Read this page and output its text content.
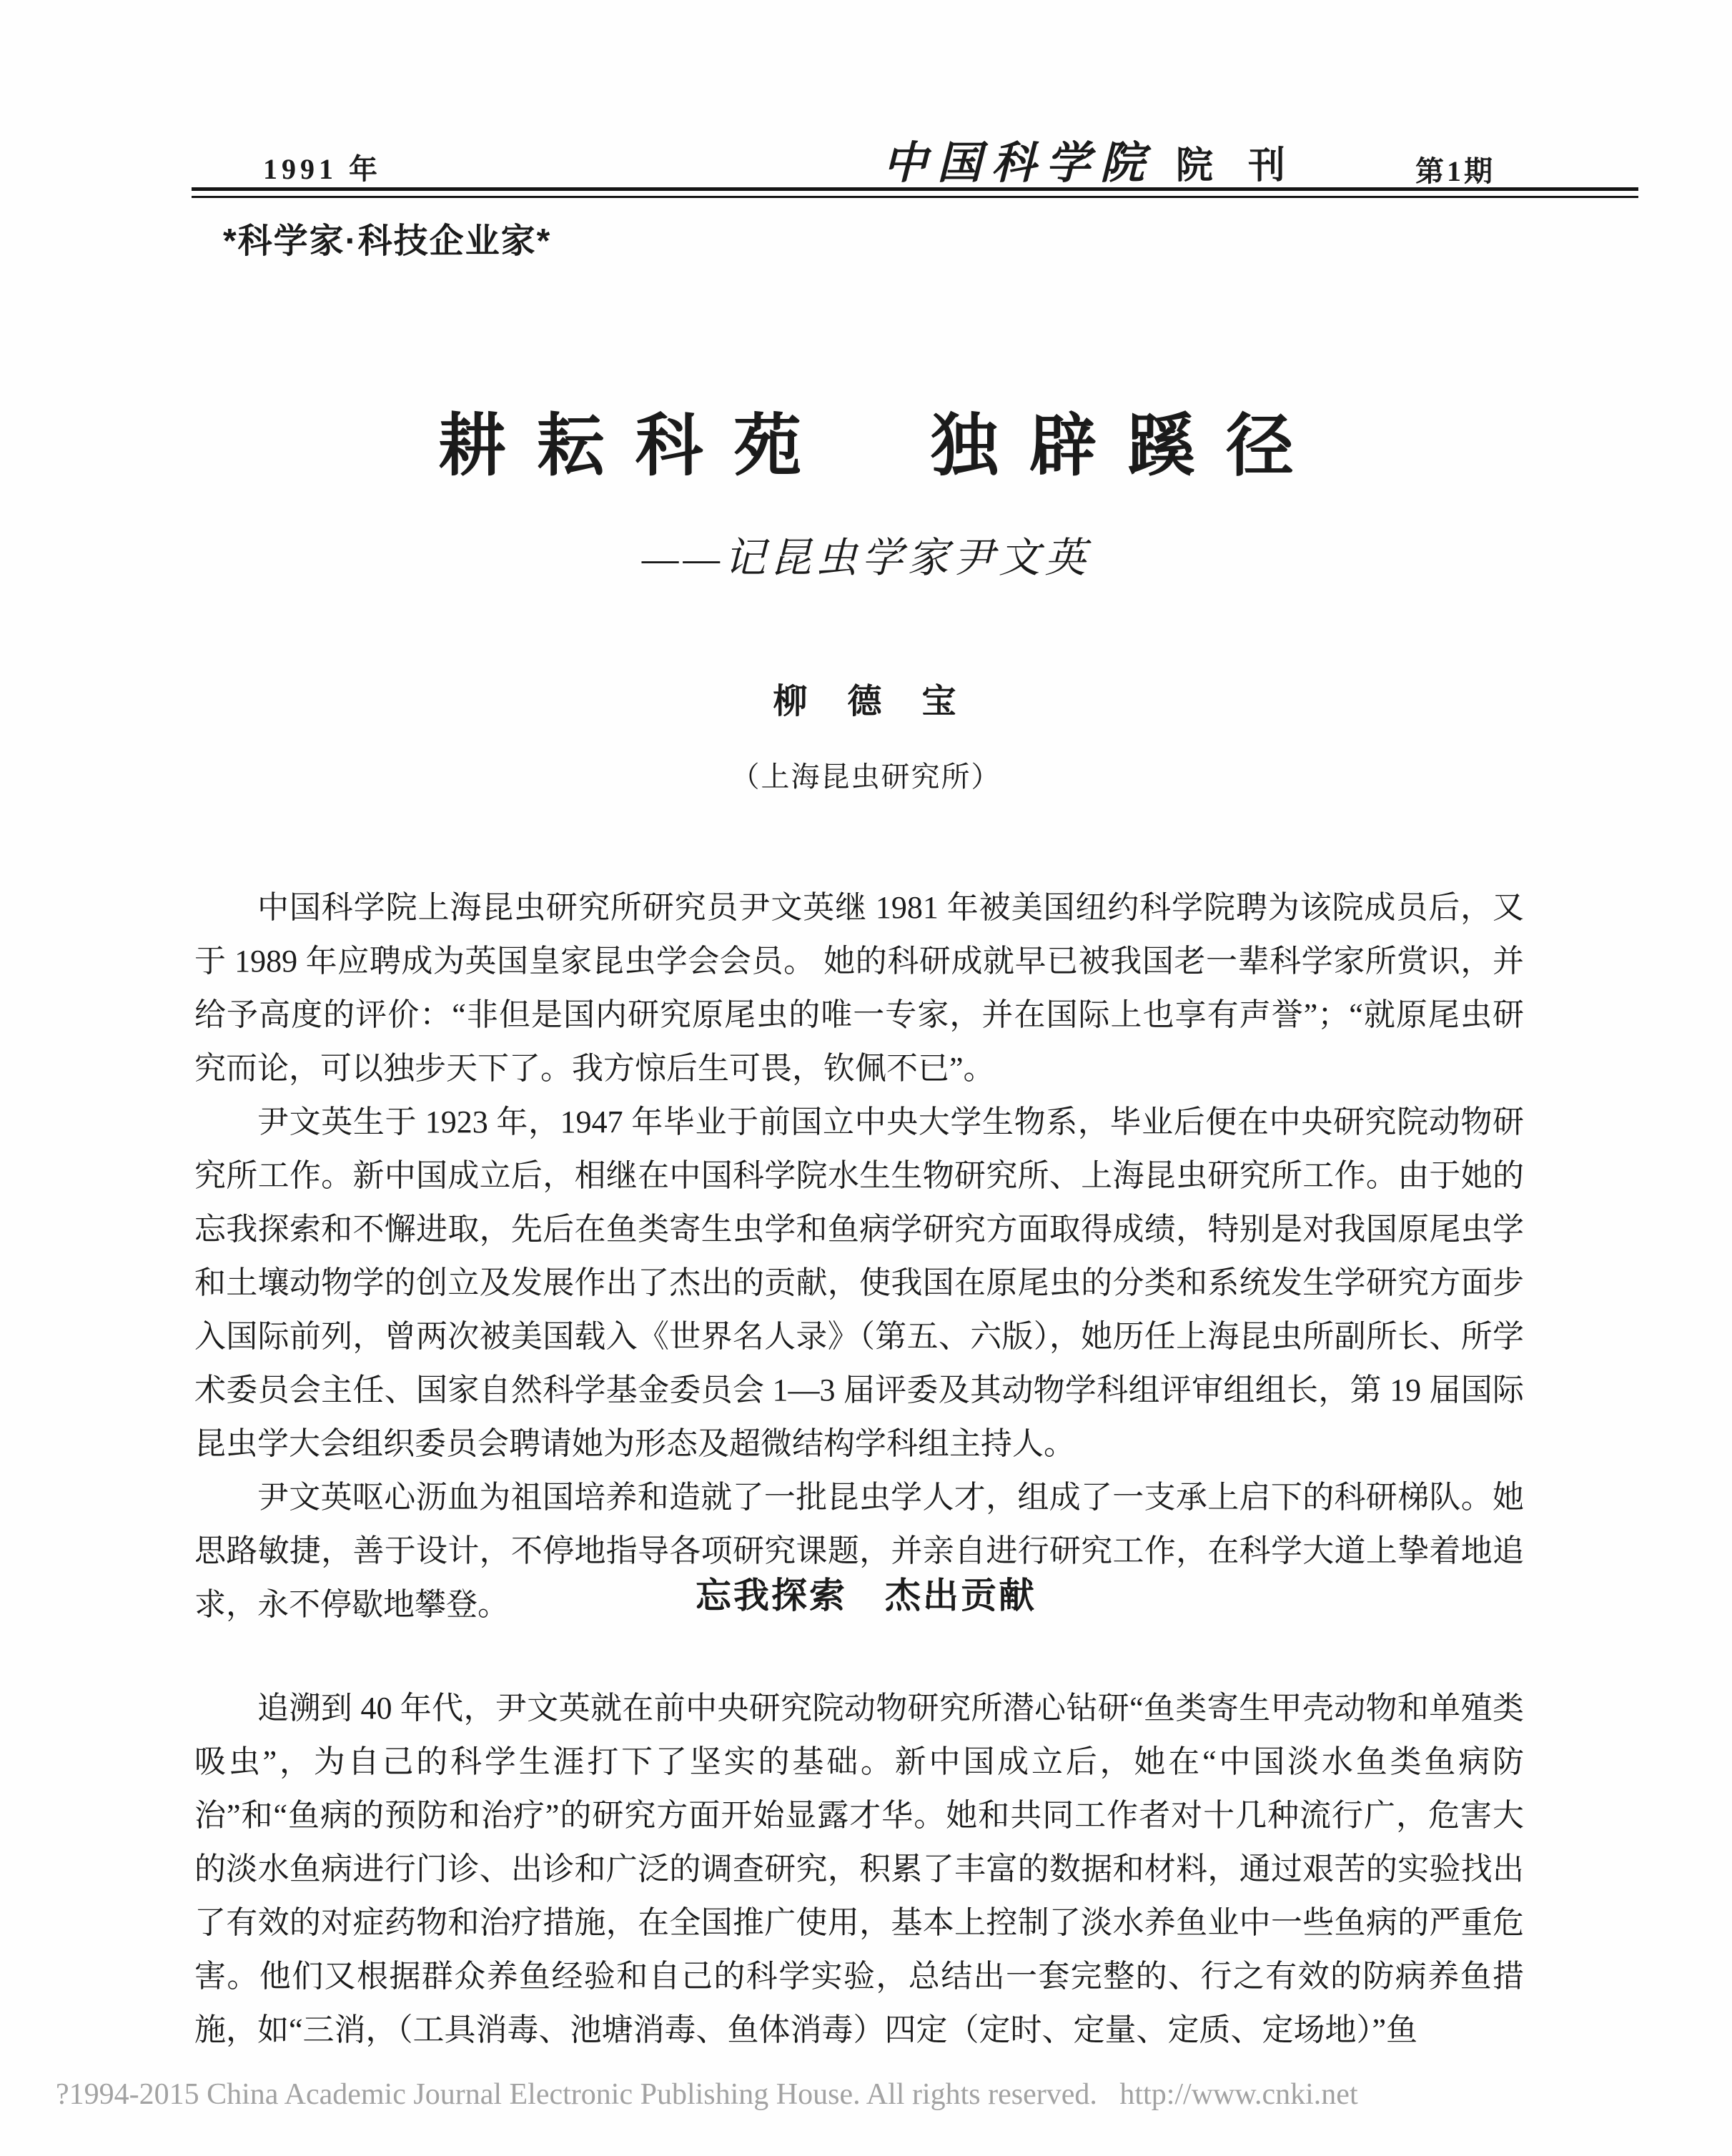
1991 年	中国科学院 院 刊	第1期
*科学家·科技企业家*
耕耘科苑　独辟蹊径
——记昆虫学家尹文英
柳　德　宝
（上海昆虫研究所）

中国科学院上海昆虫研究所研究员尹文英继 1981 年被美国纽约科学院聘为该院成员后，又于 1989 年应聘成为英国皇家昆虫学会会员。 她的科研成就早已被我国老一辈科学家所赏识，并给予高度的评价：“非但是国内研究原尾虫的唯一专家，并在国际上也享有声誉”；“就原尾虫研究而论，可以独步天下了。我方惊后生可畏，钦佩不已”。

尹文英生于 1923 年，1947 年毕业于前国立中央大学生物系，毕业后便在中央研究院动物研究所工作。新中国成立后，相继在中国科学院水生生物研究所、上海昆虫研究所工作。由于她的忘我探索和不懈进取，先后在鱼类寄生虫学和鱼病学研究方面取得成绩，特别是对我国原尾虫学和土壤动物学的创立及发展作出了杰出的贡献，使我国在原尾虫的分类和系统发生学研究方面步入国际前列，曾两次被美国载入《世界名人录》（第五、六版），她历任上海昆虫所副所长、所学术委员会主任、国家自然科学基金委员会 1—3 届评委及其动物学科组评审组组长，第 19 届国际昆虫学大会组织委员会聘请她为形态及超微结构学科组主持人。

尹文英呕心沥血为祖国培养和造就了一批昆虫学人才，组成了一支承上启下的科研梯队。她思路敏捷，善于设计，不停地指导各项研究课题，并亲自进行研究工作，在科学大道上挚着地追求，永不停歇地攀登。	忘我探索　杰出贡献

追溯到 40 年代，尹文英就在前中央研究院动物研究所潜心钻研“鱼类寄生甲壳动物和单殖类吸虫”，为自己的科学生涯打下了坚实的基础。新中国成立后，她在“中国淡水鱼类鱼病防治”和“鱼病的预防和治疗”的研究方面开始显露才华。她和共同工作者对十几种流行广，危害大的淡水鱼病进行门诊、出诊和广泛的调查研究，积累了丰富的数据和材料，通过艰苦的实验找出了有效的对症药物和治疗措施，在全国推广使用，基本上控制了淡水养鱼业中一些鱼病的严重危害。他们又根据群众养鱼经验和自己的科学实验，总结出一套完整的、行之有效的防病养鱼措施，如“三消，（工具消毒、池塘消毒、鱼体消毒）四定（定时、定量、定质、定场地）”鱼

?1994-2015 China Academic Journal Electronic Publishing House. All rights reserved.   http://www.cnki.net
